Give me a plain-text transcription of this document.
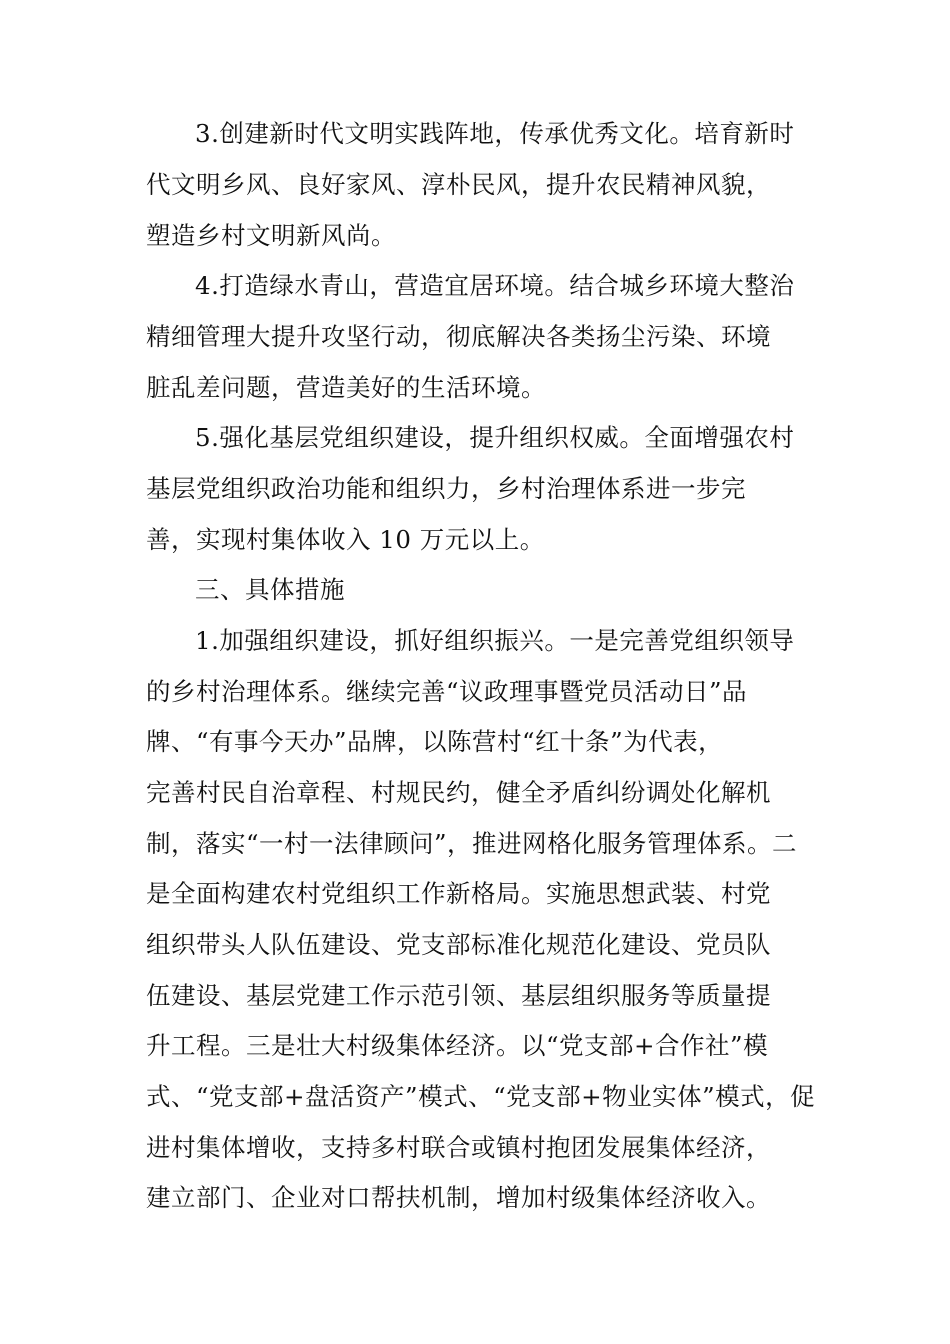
3.创建新时代文明实践阵地，传承优秀文化。培育新时
代文明乡风、良好家风、淳朴民风，提升农民精神风貌，
塑造乡村文明新风尚。
4.打造绿水青山，营造宜居环境。结合城乡环境大整治
精细管理大提升攻坚行动，彻底解决各类扬尘污染、环境
脏乱差问题，营造美好的生活环境。
5.强化基层党组织建设，提升组织权威。全面增强农村
基层党组织政治功能和组织力，乡村治理体系进一步完
善，实现村集体收入 10 万元以上。
三、具体措施
1.加强组织建设，抓好组织振兴。一是完善党组织领导
的乡村治理体系。继续完善“议政理事暨党员活动日”品
牌、“有事今天办”品牌，以陈营村“红十条”为代表，
完善村民自治章程、村规民约，健全矛盾纠纷调处化解机
制，落实“一村一法律顾问”，推进网格化服务管理体系。二
是全面构建农村党组织工作新格局。实施思想武装、村党
组织带头人队伍建设、党支部标准化规范化建设、党员队
伍建设、基层党建工作示范引领、基层组织服务等质量提
升工程。三是壮大村级集体经济。以“党支部+合作社”模
式、“党支部+盘活资产”模式、“党支部+物业实体”模式，促
进村集体增收，支持多村联合或镇村抱团发展集体经济，
建立部门、企业对口帮扶机制，增加村级集体经济收入。
